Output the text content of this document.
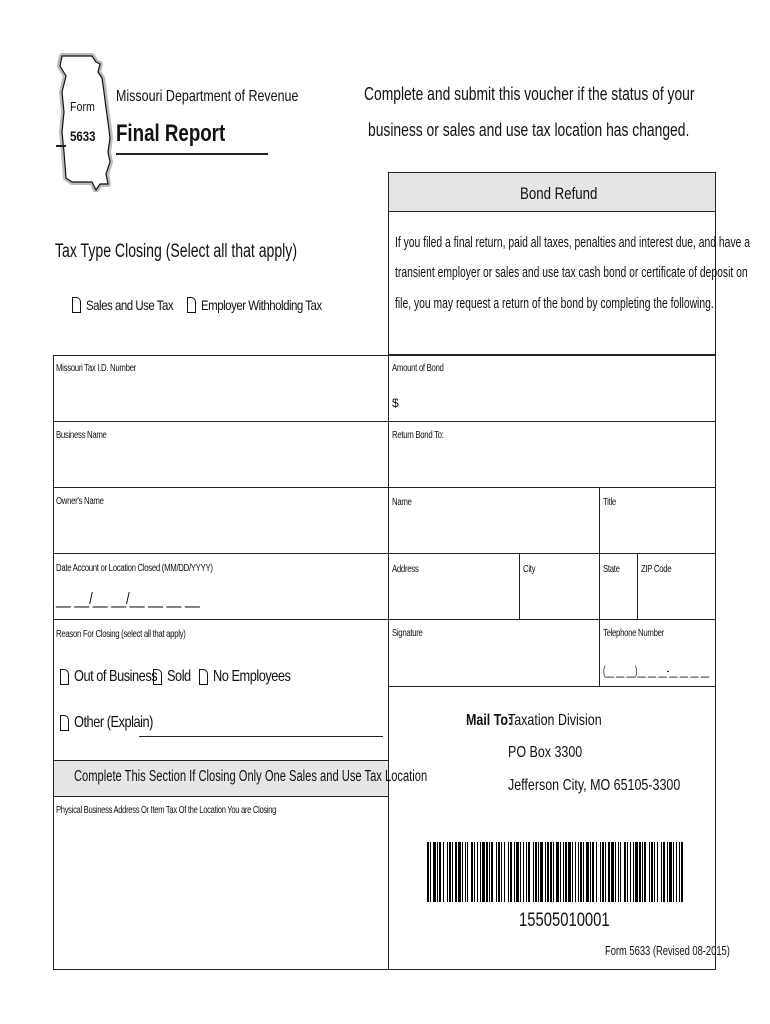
Form
5633
Missouri Department of Revenue
Final Report
Complete and submit this voucher if the status of your
business or sales and use tax location has changed.
Tax Type Closing (Select all that apply)
Sales and Use Tax	Employer Withholding Tax
Bond Refund
If you filed a final return, paid all taxes, penalties and interest due, and have a
transient employer or sales and use tax cash bond or certificate of deposit on
file, you may request a return of the bond by completing the following.
Missouri Tax I.D. Number
Business Name
Owner's Name
Date Account or Location Closed (MM/DD/YYYY)
__ __/__ __/__ __ __ __
Reason For Closing (select all that apply)
Out of Business Sold	No Employees
Other (Explain)
Complete This Section If Closing Only One Sales and Use Tax Location
Physical Business Address Or Item Tax Of the Location You are Closing
Amount of Bond
$
Return Bond To:
Name	Title
Address	City	State	ZIP Code
Signature	Telephone Number
(__ __ __)__ __ __-__ __ __ __
Mail To:
Taxation Division
PO Box 3300
Jefferson City, MO 65105-3300
15505010001
Form 5633 (Revised 08-2015)
